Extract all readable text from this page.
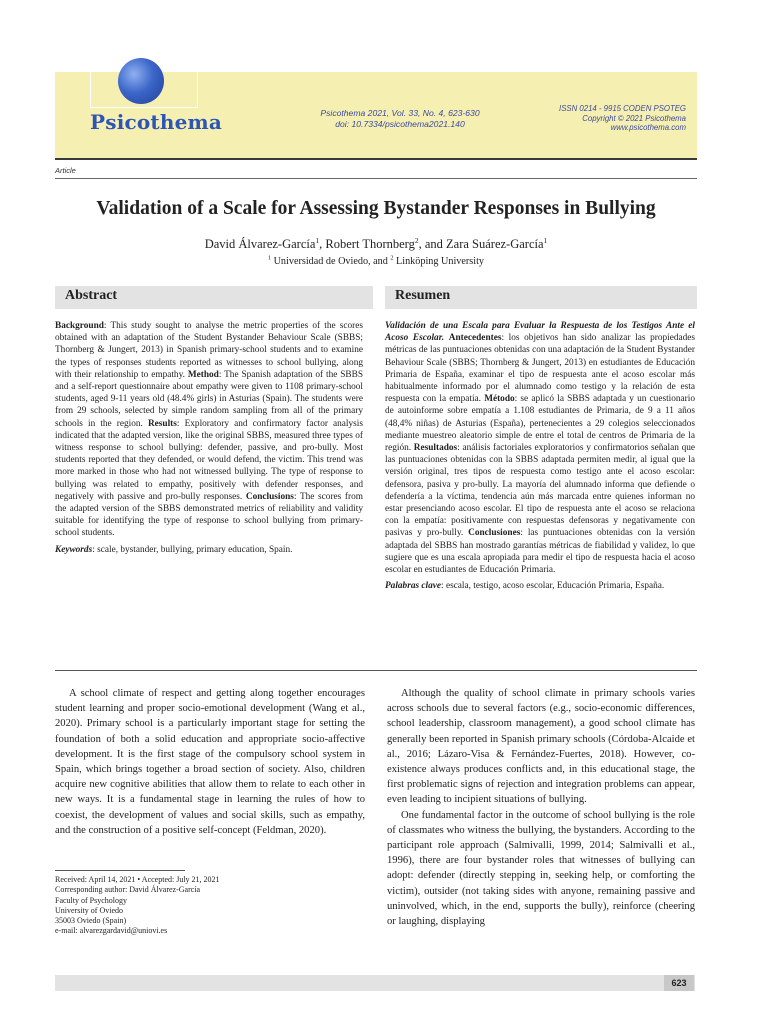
Psicothema	Psicothema 2021, Vol. 33, No. 4, 623-630
doi: 10.7334/psicothema2021.140
ISSN 0214 - 9915 CODEN PSOTEG
Copyright © 2021 Psicothema
www.psicothema.com
Article
Validation of a Scale for Assessing Bystander Responses in Bullying
David Álvarez-García$^1$, Robert Thornberg$^2$, and Zara Suárez-García$^1$
$^1$ Universidad de Oviedo, and $^2$ Linköping University
Abstract	Resumen

Background: This study sought to analyse the metric properties of the scores obtained with an adaptation of the Student Bystander Behaviour Scale (SBBS; Thornberg & Jungert, 2013) in Spanish primary-school students and to examine the types of responses students reported as witnesses to school bullying, along with their relationship to empathy. Method: The Spanish adaptation of the SBBS and a self-report questionnaire about empathy were given to 1108 primary-school students, aged 9-11 years old (48.4% girls) in Asturias (Spain). The students were from 29 schools, selected by simple random sampling from all of the primary schools in the region. Results: Exploratory and confirmatory factor analysis indicated that the adapted version, like the original SBBS, measured three types of witness response to school bullying: defender, passive, and pro-bully. Most students reported that they defended, or would defend, the victim. This trend was more marked in those who had not witnessed bullying. The type of response to bullying was related to empathy, positively with defender responses, and negatively with passive and pro-bully responses. Conclusions: The scores from the adapted version of the SBBS demonstrated metrics of reliability and validity suitable for identifying the type of response to school bullying from primary-school students.

Keywords: scale, bystander, bullying, primary education, Spain.

Validación de una Escala para Evaluar la Respuesta de los Testigos Ante el Acoso Escolar. Antecedentes: los objetivos han sido analizar las propiedades métricas de las puntuaciones obtenidas con una adaptación de la Student Bystander Behaviour Scale (SBBS; Thornberg & Jungert, 2013) en estudiantes de Educación Primaria de España, examinar el tipo de respuesta ante el acoso escolar más habitualmente informado por el alumnado como testigo y la relación de esta respuesta con la empatía. Método: se aplicó la SBBS adaptada y un cuestionario de autoinforme sobre empatía a 1.108 estudiantes de Primaria, de 9 a 11 años (48,4% niñas) de Asturias (España), pertenecientes a 29 colegios seleccionados mediante muestreo aleatorio simple de entre el total de centros de Primaria de la región. Resultados: análisis factoriales exploratorios y confirmatorios señalan que las puntuaciones obtenidas con la SBBS adaptada permiten medir, al igual que la versión original, tres tipos de respuesta como testigo ante el acoso escolar: defensora, pasiva y pro-bully. La mayoría del alumnado informa que defiende o defendería a la víctima, tendencia aún más marcada entre quienes informan no estar presenciando acoso escolar. El tipo de respuesta ante el acoso se relaciona con la empatía: positivamente con respuestas defensoras y negativamente con pasivas y pro-bully. Conclusiones: las puntuaciones obtenidas con la versión adaptada del SBBS han mostrado garantías métricas de fiabilidad y validez, lo que sugiere que es una escala apropiada para medir el tipo de respuesta hacia el acoso escolar en estudiantes de Educación Primaria.

Palabras clave: escala, testigo, acoso escolar, Educación Primaria, España.

A school climate of respect and getting along together encourages student learning and proper socio-emotional development (Wang et al., 2020). Primary school is a particularly important stage for setting the foundation of both a solid education and appropriate socio-affective development. It is the first stage of the compulsory school system in Spain, which brings together a broad section of society. Also, children acquire new cognitive abilities that allow them to relate to each other in new ways. It is a fundamental stage in learning the rules of how to coexist, the development of values and social skills, such as empathy, and the construction of a positive self-concept (Feldman, 2020).

Although the quality of school climate in primary schools varies across schools due to several factors (e.g., socio-economic differences, school leadership, classroom management), a good school climate has generally been reported in Spanish primary schools (Córdoba-Alcaide et al., 2016; Lázaro-Visa & Fernández-Fuertes, 2018). However, co-existence always produces conflicts and, in this educational stage, the first problematic signs of rejection and integration problems can appear, even leading to incipient situations of bullying.

One fundamental factor in the outcome of school bullying is the role of classmates who witness the bullying, the bystanders. According to the participant role approach (Salmivalli, 1999, 2014; Salmivalli et al., 1996), there are four bystander roles that witnesses of bullying can adopt: defender (directly stepping in, seeking help, or comforting the victim), outsider (not taking sides with anyone, remaining passive and uninvolved, which, in the end, supports the bully), reinforce (cheering or laughing, displaying

Received: April 14, 2021 • Accepted: July 21, 2021
Corresponding author: David Álvarez-García
Faculty of Psychology
University of Oviedo
35003 Oviedo (Spain)
e-mail: alvarezgardavid@uniovi.es
623
